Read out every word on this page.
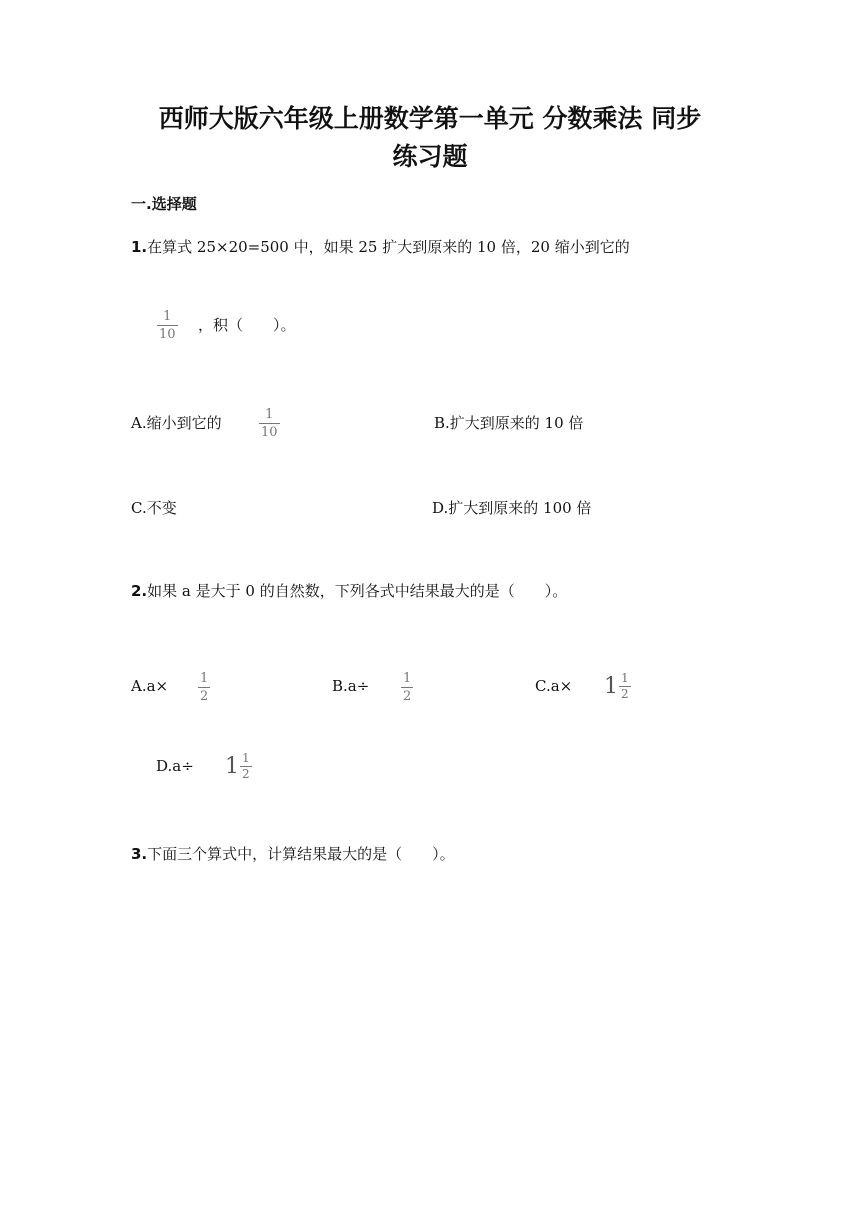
西师大版六年级上册数学第一单元 分数乘法 同步
练习题
一.选择题
1.在算式 25×20=500 中，如果 25 扩大到原来的 10 倍，20 缩小到它的
1
10
，积（　　）。
A.缩小到它的	1
10
B.扩大到原来的 10 倍
C.不变	D.扩大到原来的 100 倍
2.如果 a 是大于 0 的自然数，下列各式中结果最大的是（　　）。
A.a× 1
2
B.a÷	1
2
$C.a\times 1 \frac{1}{2}$
$D.a\div 1 \frac{1}{2}$
3.下面三个算式中，计算结果最大的是（　　）。
